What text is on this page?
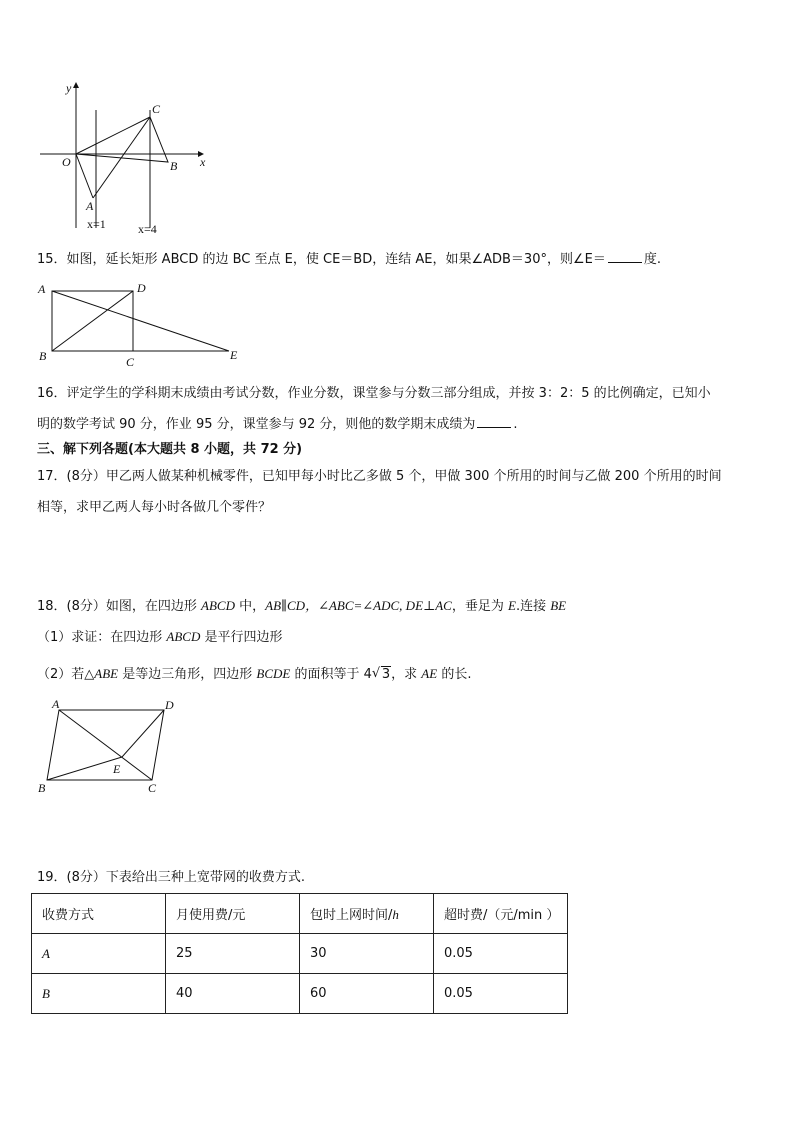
y
x
O
A
B
C
x=1	x=4
15．如图，延长矩形 ABCD 的边 BC 至点 E，使 CE＝BD，连结 AE，如果∠ADB＝30°，则∠E＝	度.
A	D
B	C	E
16．评定学生的学科期末成绩由考试分数，作业分数，课堂参与分数三部分组成，并按 3：2：5 的比例确定，已知小
明的数学考试 90 分，作业 95 分，课堂参与 92 分，则他的数学期末成绩为	.
三、解下列各题(本大题共 8 小题，共 72 分)
17．(8分）甲乙两人做某种机械零件，已知甲每小时比乙多做 5 个，甲做 300 个所用的时间与乙做 200 个所用的时间
相等，求甲乙两人每小时各做几个零件？
18．(8分）如图，在四边形 ABCD 中，AB∥CD，∠ABC=∠ADC, DE⊥AC，垂足为 E.连接 BE
（1）求证：在四边形 ABCD 是平行四边形
（2）若△ABE 是等边三角形，四边形 BCDE 的面积等于 4 √ 3，求 AE 的长.
A	D
B	C
E
19．(8分）下表给出三种上宽带网的收费方式.
收费方式	月使用费/元	包时上网时间/h	超时费/（元/min ）
A	25	30	0.05
B	40	60	0.05
